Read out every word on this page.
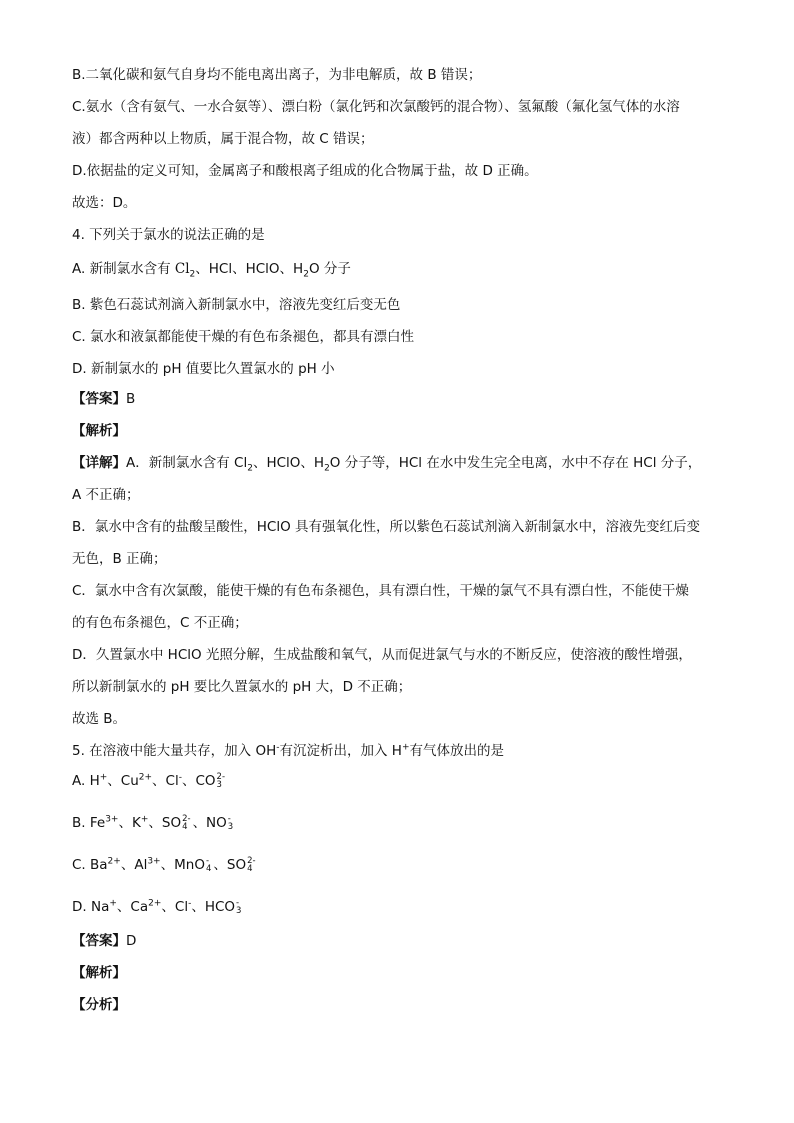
B.二氧化碳和氨气自身均不能电离出离子，为非电解质，故 B 错误；
C.氨水（含有氨气、一水合氨等）、漂白粉（氯化钙和次氯酸钙的混合物）、氢氟酸（氟化氢气体的水溶
液）都含两种以上物质，属于混合物，故 C 错误；
D.依据盐的定义可知，金属离子和酸根离子组成的化合物属于盐，故 D 正确。
故选：D。
4. 下列关于氯水的说法正确的是
A. 新制氯水含有 $Cl_2$、HCl、HClO、$H_2O$ 分子
B. 紫色石蕊试剂滴入新制氯水中，溶液先变红后变无色
C. 氯水和液氯都能使干燥的有色布条褪色，都具有漂白性
D. 新制氯水的 pH 值要比久置氯水的 pH 小
【答案】B
【解析】
【详解】A．新制氯水含有 $Cl_2$、HClO、$H_2O$ 分子等，HCl 在水中发生完全电离，水中不存在 HCl 分子，
A 不正确；
B．氯水中含有的盐酸呈酸性，HClO 具有强氧化性，所以紫色石蕊试剂滴入新制氯水中，溶液先变红后变
无色，B 正确；
C．氯水中含有次氯酸，能使干燥的有色布条褪色，具有漂白性，干燥的氯气不具有漂白性，不能使干燥
的有色布条褪色，C 不正确；
D．久置氯水中 HClO 光照分解，生成盐酸和氧气，从而促进氯气与水的不断反应，使溶液的酸性增强，
所以新制氯水的 pH 要比久置氯水的 pH 大，D 不正确；
故选 B。
5. 在溶液中能大量共存，加入 OH-有沉淀析出，加入 H+有气体放出的是
A. H+、$Cu^{2+}$、Cl-、CO 2-
3
B. $Fe^{3+}$、K+、SO 2-
4 、NO -
3
C. $Ba^{2+}$、$Al^{3+}$、MnO -
4 、SO 2-
4
D. Na+、$Ca^{2+}$、Cl-、HCO -
3
【答案】D
【解析】
【分析】
